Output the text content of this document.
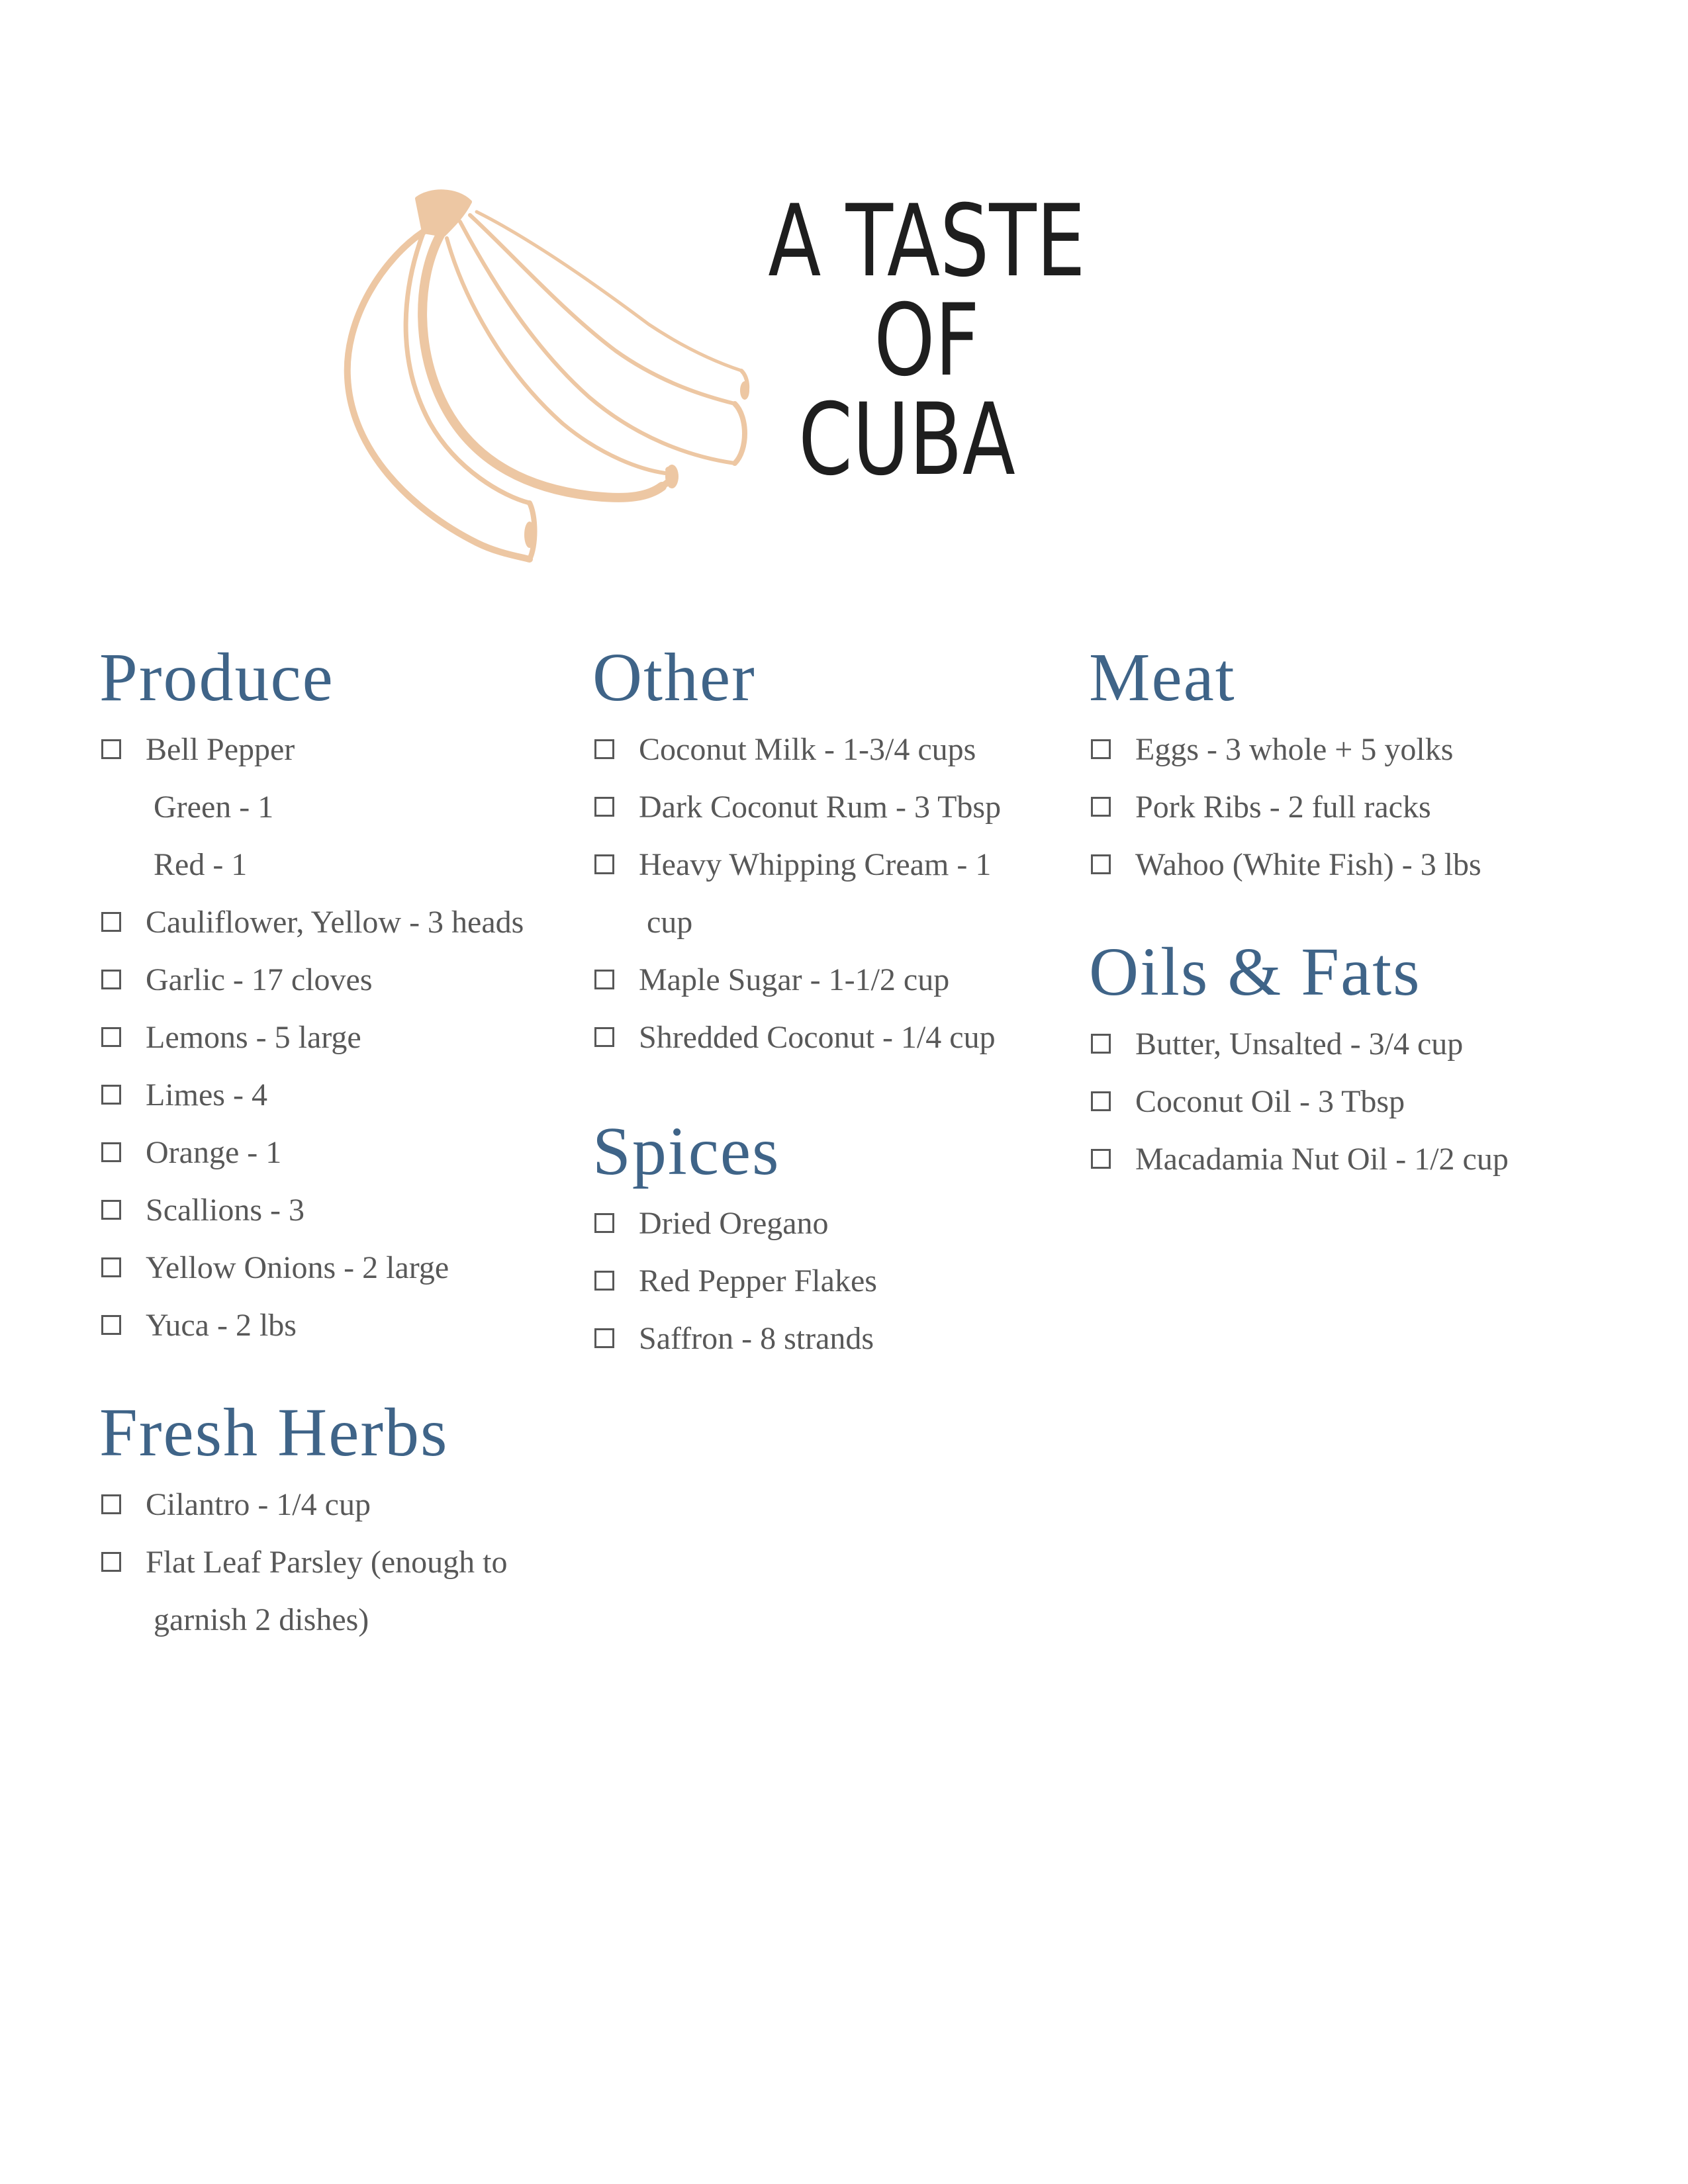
A TASTE OF
CUBA
Produce
Bell Pepper
Green - 1
Red - 1
Cauliflower, Yellow - 3 heads
Garlic - 17 cloves
Lemons - 5 large
Limes - 4
Orange - 1
Scallions - 3
Yellow Onions - 2 large
Yuca - 2 lbs
Fresh Herbs
Cilantro - 1/4 cup
Flat Leaf Parsley (enough to
garnish 2 dishes)
Other
Coconut Milk - 1-3/4 cups
Dark Coconut Rum - 3 Tbsp
Heavy Whipping Cream - 1
cup
Maple Sugar - 1-1/2 cup
Shredded Coconut - 1/4 cup
Spices
Dried Oregano
Red Pepper Flakes
Saffron - 8 strands
Meat
Eggs - 3 whole + 5 yolks
Pork Ribs - 2 full racks
Wahoo (White Fish) - 3 lbs
Oils & Fats
Butter, Unsalted - 3/4 cup
Coconut Oil - 3 Tbsp
Macadamia Nut Oil - 1/2 cup
